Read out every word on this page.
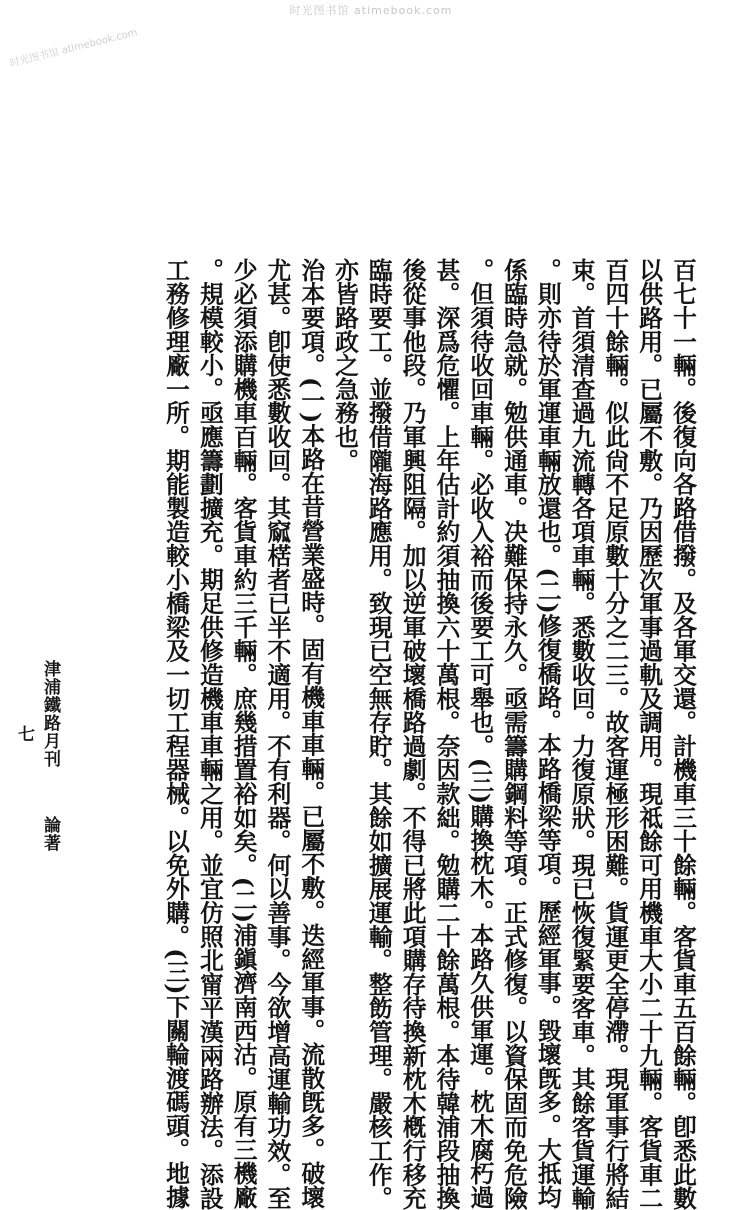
时光图书馆 atimebook.com
时光图书馆 atimebook.com
百七十一輛。後復向各路借撥。及各軍交還。計機車三十餘輛。客貨車五百餘輛。卽悉此數
以供路用。已屬不敷。乃因歷次軍事過軌及調用。現祗餘可用機車大小二十九輛。客貨車二
百四十餘輛。似此尙不足原數十分之二三。故客運極形困難。貨運更全停滯。現軍事行將結
束。首須清查過九流轉各項車輛。悉數收回。力復原狀。現已恢復緊要客車。其餘客貨運輸
。則亦待於軍運車輛放還也。(二)修復橋路。本路橋梁等項。歷經軍事。毀壞旣多。大抵均
係臨時急就。勉供通車。决難保持永久。亟需籌購鋼料等項。正式修復。以資保固而免危險
。但須待收回車輛。必收入裕而後要工可舉也。(三)購換枕木。本路久供軍運。枕木腐朽過
甚。深爲危懼。上年估計約須抽換六十萬根。奈因款絀。勉購二十餘萬根。本待韓浦段抽換
後從事他段。乃軍興阻隔。加以逆軍破壞橋路過劇。不得已將此項購存待換新枕木槪行移充
臨時要工。並撥借隴海路應用。致現已空無存貯。其餘如擴展運輸。整飭管理。嚴核工作。
亦皆路政之急務也。
治本要項。(一)本路在昔營業盛時。固有機車車輛。已屬不敷。迭經軍事。流散旣多。破壞
尤甚。卽使悉數收回。其窳楛者已半不適用。不有利器。何以善事。今欲增高運輸功效。至
少必須添購機車百輛。客貨車約三千輛。庶幾措置裕如矣。(二)浦鎭濟南西沽。原有三機廠
。規模較小。亟應籌劃擴充。期足供修造機車車輛之用。並宜仿照北甯平漢兩路辦法。添設
工務修理廠一所。期能製造較小橋梁及一切工程器械。以免外購。(三)下關輪渡碼頭。地據
津浦鐵路月刊
論著
七
